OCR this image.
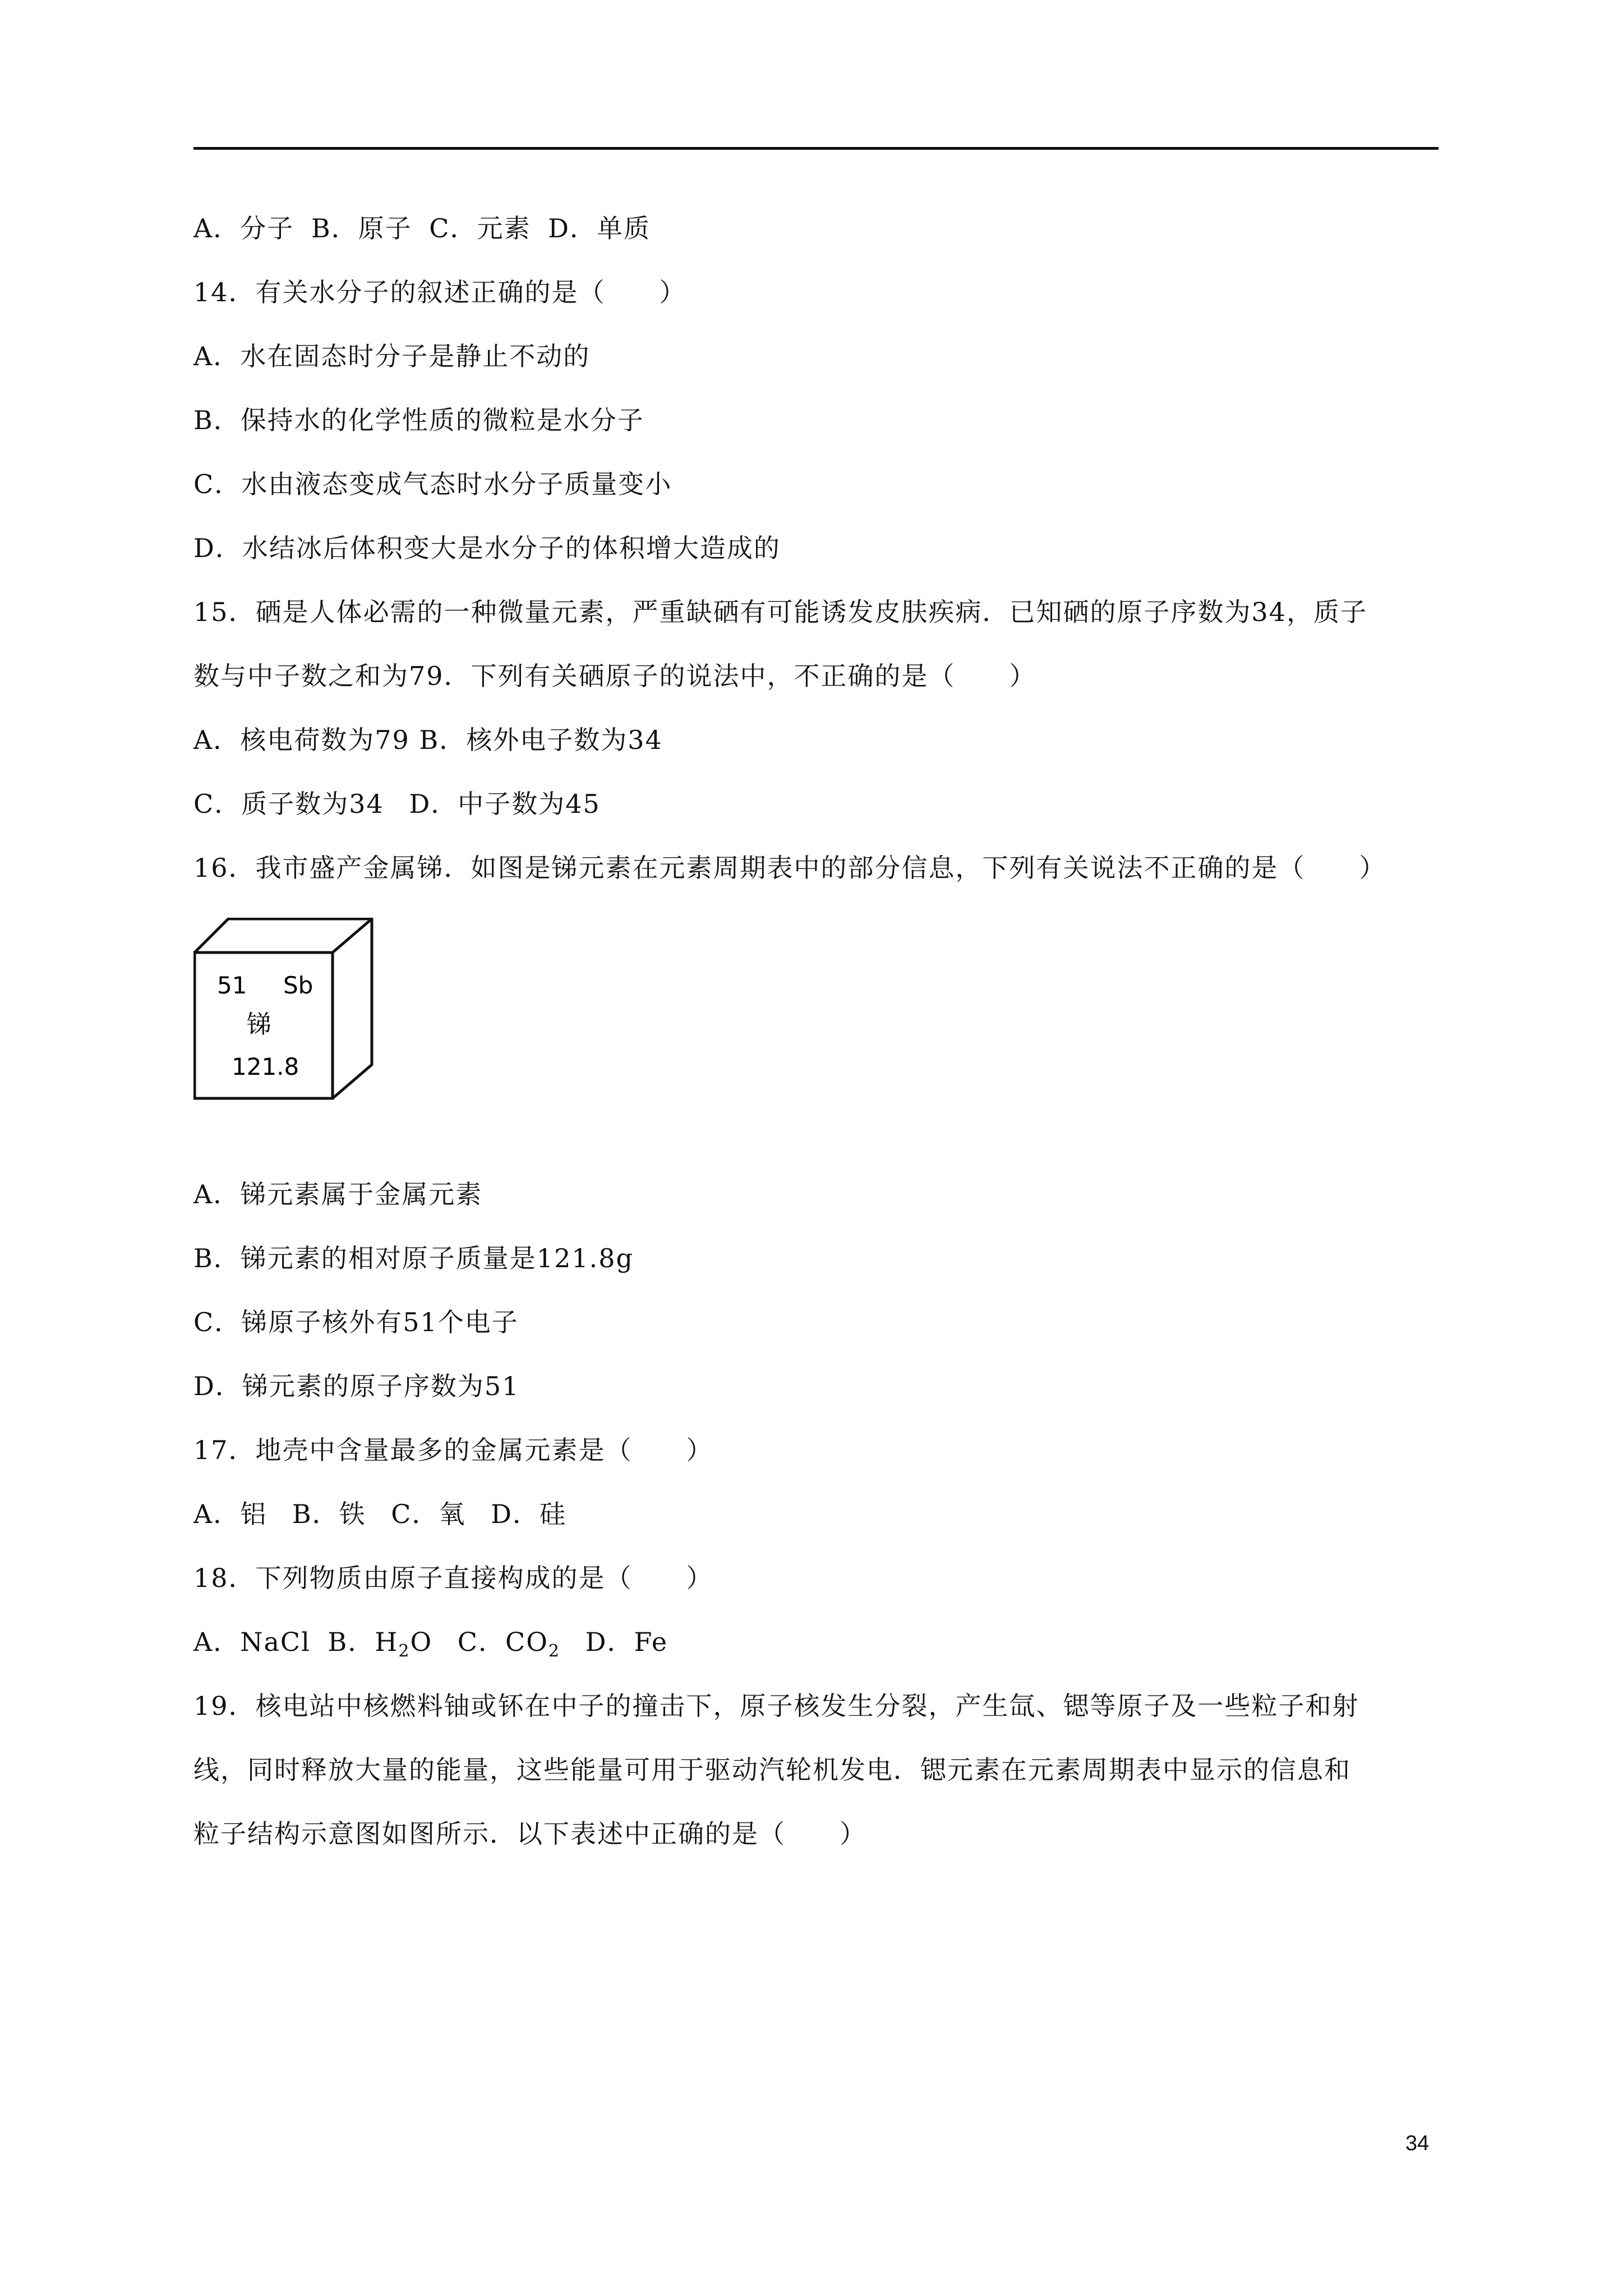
A．分子 B．原子 C．元素 D．单质
14．有关水分子的叙述正确的是（　　）
A．水在固态时分子是静止不动的
B．保持水的化学性质的微粒是水分子
C．水由液态变成气态时水分子质量变小
D．水结冰后体积变大是水分子的体积增大造成的
15．硒是人体必需的一种微量元素，严重缺硒有可能诱发皮肤疾病．已知硒的原子序数为34，质子
数与中子数之和为79．下列有关硒原子的说法中，不正确的是（　　）
A．核电荷数为79 B．核外电子数为34
C．质子数为34 D．中子数为45
16．我市盛产金属锑．如图是锑元素在元素周期表中的部分信息，下列有关说法不正确的是（　　）
51 Sb
锑
121.8
A．锑元素属于金属元素
B．锑元素的相对原子质量是121.8g
C．锑原子核外有51个电子
D．锑元素的原子序数为51
17．地壳中含量最多的金属元素是（　　）
A．铝 B．铁 C．氧 D．硅
18．下列物质由原子直接构成的是（　　）
A．NaCl B．$H_2O$ C．$CO_2$ D．Fe
19．核电站中核燃料铀或钚在中子的撞击下，原子核发生分裂，产生氙、锶等原子及一些粒子和射
线，同时释放大量的能量，这些能量可用于驱动汽轮机发电．锶元素在元素周期表中显示的信息和
粒子结构示意图如图所示．以下表述中正确的是（　　）
34
